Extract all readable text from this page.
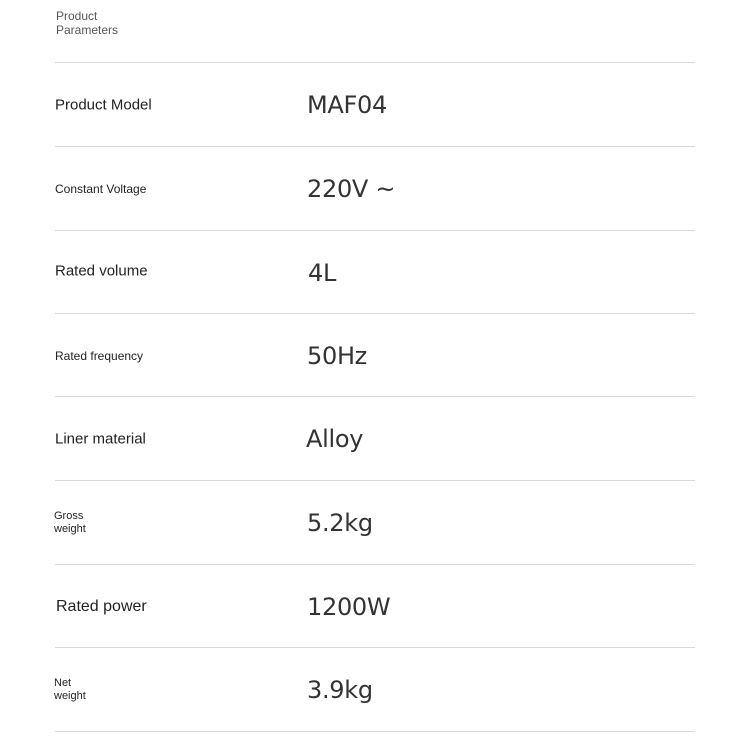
Product
Parameters
Product Model	MAF04
Constant Voltage	220V ~
Rated volume	4L
Rated frequency	50Hz
Liner material	Alloy
Gross
weight	5.2kg
Rated power	1200W
Net
weight	3.9kg
